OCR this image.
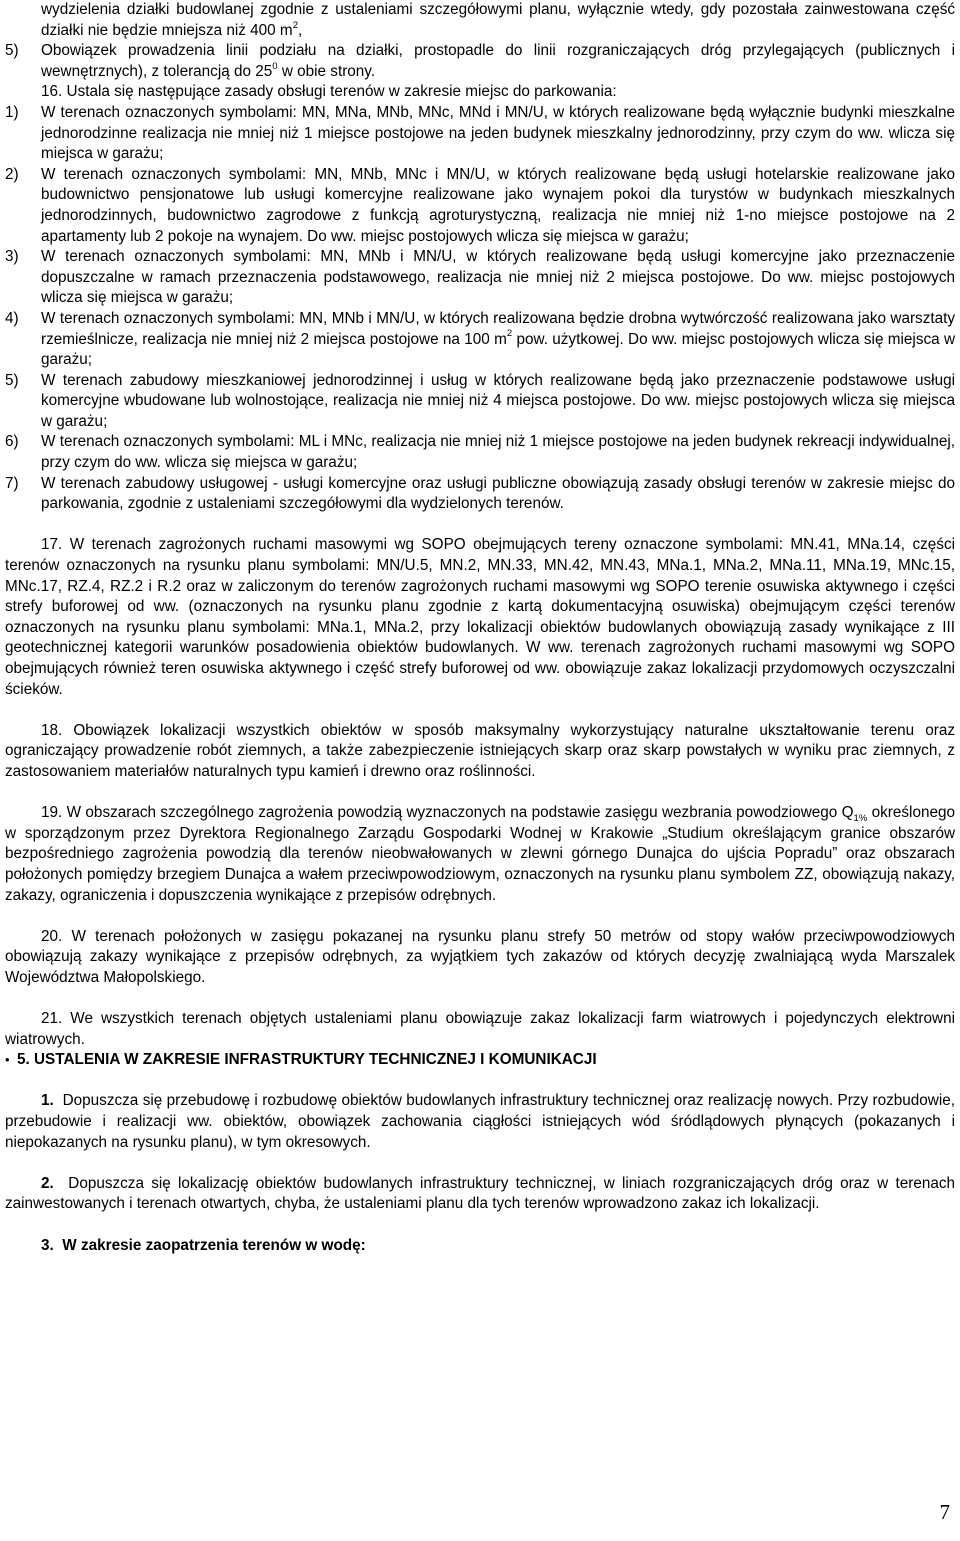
wydzielenia działki budowlanej zgodnie z ustaleniami szczegółowymi planu, wyłącznie wtedy, gdy pozostała zainwestowana część działki nie będzie mniejsza niż 400 $m^2$,

5)	Obowiązek prowadzenia linii podziału na działki, prostopadle do linii rozgraniczających dróg przylegających (publicznych i wewnętrznych), z tolerancją do $25^0$ w obie strony.

16. Ustala się następujące zasady obsługi terenów w zakresie miejsc do parkowania:

1)	W terenach oznaczonych symbolami: MN, MNa, MNb, MNc, MNd i MN/U, w których realizowane będą wyłącznie budynki mieszkalne jednorodzinne realizacja nie mniej niż 1 miejsce postojowe na jeden budynek mieszkalny jednorodzinny, przy czym do ww. wlicza się miejsca w garażu;
2)	W terenach oznaczonych symbolami: MN, MNb, MNc i MN/U, w których realizowane będą usługi hotelarskie realizowane jako budownictwo pensjonatowe lub usługi komercyjne realizowane jako wynajem pokoi dla turystów w budynkach mieszkalnych jednorodzinnych, budownictwo zagrodowe z funkcją agroturystyczną, realizacja nie mniej niż 1-no miejsce postojowe na 2 apartamenty lub 2 pokoje na wynajem. Do ww. miejsc postojowych wlicza się miejsca w garażu;
3)	W terenach oznaczonych symbolami: MN, MNb i MN/U, w których realizowane będą usługi komercyjne jako przeznaczenie dopuszczalne w ramach przeznaczenia podstawowego, realizacja nie mniej niż 2 miejsca postojowe. Do ww. miejsc postojowych wlicza się miejsca w garażu;
4)	W terenach oznaczonych symbolami: MN, MNb i MN/U, w których realizowana będzie drobna wytwórczość realizowana jako warsztaty rzemieślnicze, realizacja nie mniej niż 2 miejsca postojowe na 100 $m^2$ pow. użytkowej. Do ww. miejsc postojowych wlicza się miejsca w garażu;
5)	W terenach zabudowy mieszkaniowej jednorodzinnej i usług w których realizowane będą jako przeznaczenie podstawowe usługi komercyjne wbudowane lub wolnostojące, realizacja nie mniej niż 4 miejsca postojowe. Do ww. miejsc postojowych wlicza się miejsca w garażu;
6)	W terenach oznaczonych symbolami: ML i MNc, realizacja nie mniej niż 1 miejsce postojowe na jeden budynek rekreacji indywidualnej, przy czym do ww. wlicza się miejsca w garażu;
7)	W terenach zabudowy usługowej - usługi komercyjne oraz usługi publiczne obowiązują zasady obsługi terenów w zakresie miejsc do parkowania, zgodnie z ustaleniami szczegółowymi dla wydzielonych terenów.

17. W terenach zagrożonych ruchami masowymi wg SOPO obejmujących tereny oznaczone symbolami: MN.41, MNa.14, części terenów oznaczonych na rysunku planu symbolami: MN/U.5, MN.2, MN.33, MN.42, MN.43, MNa.1, MNa.2, MNa.11, MNa.19, MNc.15, MNc.17, RZ.4, RZ.2 i R.2 oraz w zaliczonym do terenów zagrożonych ruchami masowymi wg SOPO terenie osuwiska aktywnego i części strefy buforowej od ww. (oznaczonych na rysunku planu zgodnie z kartą dokumentacyjną osuwiska) obejmującym części terenów oznaczonych na rysunku planu symbolami: MNa.1, MNa.2, przy lokalizacji obiektów budowlanych obowiązują zasady wynikające z III geotechnicznej kategorii warunków posadowienia obiektów budowlanych. W ww. terenach zagrożonych ruchami masowymi wg SOPO obejmujących również teren osuwiska aktywnego i część strefy buforowej od ww. obowiązuje zakaz lokalizacji przydomowych oczyszczalni ścieków.

18. Obowiązek lokalizacji wszystkich obiektów w sposób maksymalny wykorzystujący naturalne ukształtowanie terenu oraz ograniczający prowadzenie robót ziemnych, a także zabezpieczenie istniejących skarp oraz skarp powstałych w wyniku prac ziemnych, z zastosowaniem materiałów naturalnych typu kamień i drewno oraz roślinności.

19. W obszarach szczególnego zagrożenia powodzią wyznaczonych na podstawie zasięgu wezbrania powodziowego $Q_{1\%}$ określonego w sporządzonym przez Dyrektora Regionalnego Zarządu Gospodarki Wodnej w Krakowie „Studium określającym granice obszarów bezpośredniego zagrożenia powodzią dla terenów nieobwałowanych w zlewni górnego Dunajca do ujścia Popradu” oraz obszarach położonych pomiędzy brzegiem Dunajca a wałem przeciwpowodziowym, oznaczonych na rysunku planu symbolem ZZ, obowiązują nakazy, zakazy, ograniczenia i dopuszczenia wynikające z przepisów odrębnych.

20. W terenach położonych w zasięgu pokazanej na rysunku planu strefy 50 metrów od stopy wałów przeciwpowodziowych obowiązują zakazy wynikające z przepisów odrębnych, za wyjątkiem tych zakazów od których decyzję zwalniającą wyda Marszalek Województwa Małopolskiego.

21. We wszystkich terenach objętych ustaleniami planu obowiązuje zakaz lokalizacji farm wiatrowych i pojedynczych elektrowni wiatrowych.

• 5. USTALENIA W ZAKRESIE INFRASTRUKTURY TECHNICZNEJ I KOMUNIKACJI

1. Dopuszcza się przebudowę i rozbudowę obiektów budowlanych infrastruktury technicznej oraz realizację nowych. Przy rozbudowie, przebudowie i realizacji ww. obiektów, obowiązek zachowania ciągłości istniejących wód śródlądowych płynących (pokazanych i niepokazanych na rysunku planu), w tym okresowych.

2. Dopuszcza się lokalizację obiektów budowlanych infrastruktury technicznej, w liniach rozgraniczających dróg oraz w terenach zainwestowanych i terenach otwartych, chyba, że ustaleniami planu dla tych terenów wprowadzono zakaz ich lokalizacji.

3. W zakresie zaopatrzenia terenów w wodę:

7
